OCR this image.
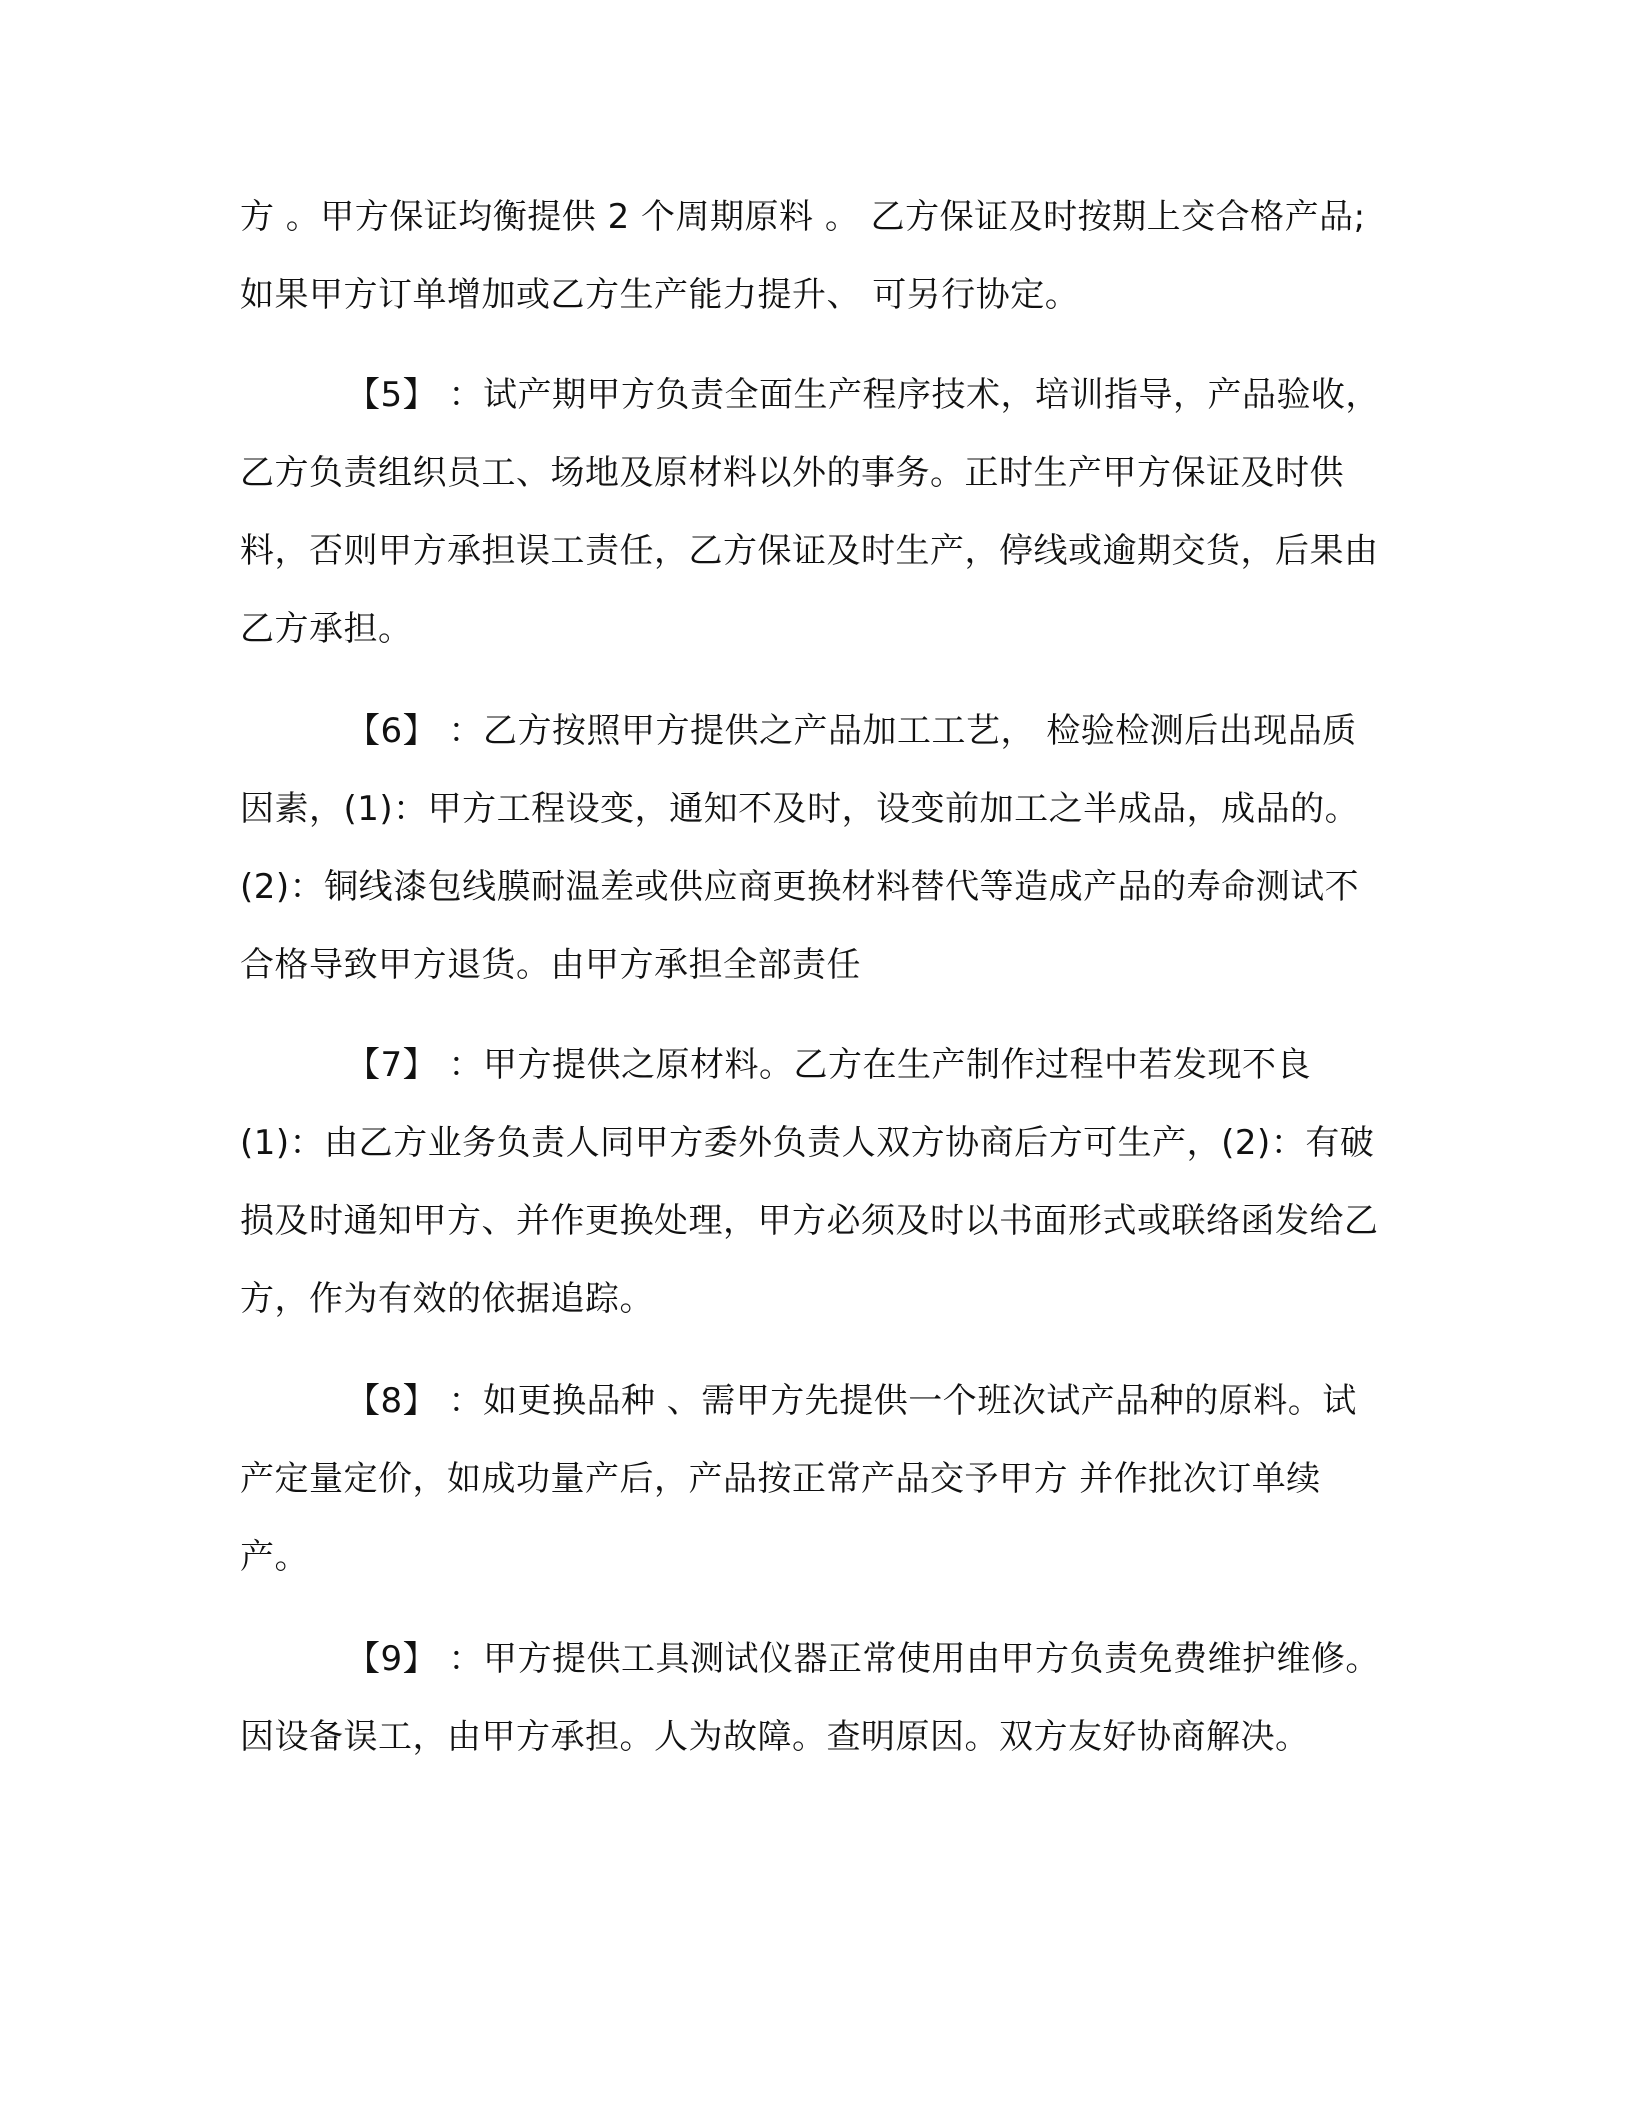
方 。甲方保证均衡提供 2 个周期原料 。 乙方保证及时按期上交合格产品;如果甲方订单增加或乙方生产能力提升、 可另行协定。

【5】 ：试产期甲方负责全面生产程序技术，培训指导，产品验收，乙方负责组织员工、场地及原材料以外的事务。正时生产甲方保证及时供料，否则甲方承担误工责任，乙方保证及时生产，停线或逾期交货，后果由乙方承担。

【6】 ：乙方按照甲方提供之产品加工工艺， 检验检测后出现品质因素，(1)：甲方工程设变，通知不及时，设变前加工之半成品，成品的。(2)：铜线漆包线膜耐温差或供应商更换材料替代等造成产品的寿命测试不合格导致甲方退货。由甲方承担全部责任

【7】 ：甲方提供之原材料。乙方在生产制作过程中若发现不良 (1)：由乙方业务负责人同甲方委外负责人双方协商后方可生产，(2)：有破损及时通知甲方、并作更换处理，甲方必须及时以书面形式或联络函发给乙方，作为有效的依据追踪。

【8】 ：如更换品种 、需甲方先提供一个班次试产品种的原料。试产定量定价，如成功量产后，产品按正常产品交予甲方 并作批次订单续产。

【9】 ：甲方提供工具测试仪器正常使用由甲方负责免费维护维修。因设备误工，由甲方承担。人为故障。查明原因。双方友好协商解决。
